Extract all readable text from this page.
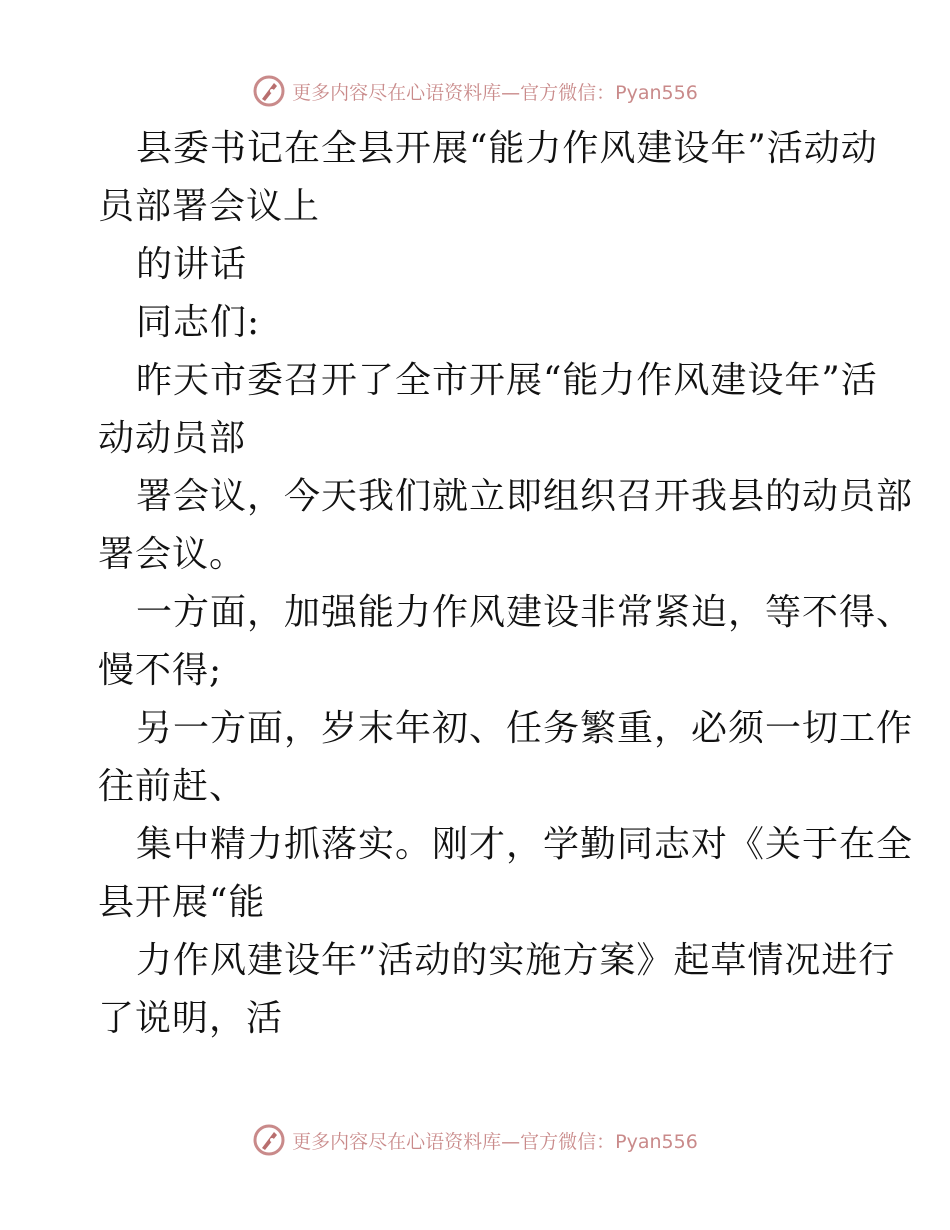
更多内容尽在心语资料库—官方微信：Pyan556
县委书记在全县开展“能力作风建设年”活动动
员部署会议上
的讲话
同志们:
昨天市委召开了全市开展“能力作风建设年”活
动动员部
署会议，今天我们就立即组织召开我县的动员部
署会议。
一方面，加强能力作风建设非常紧迫，等不得、
慢不得;
另一方面，岁末年初、任务繁重，必须一切工作
往前赶、
集中精力抓落实。刚才，学勤同志对《关于在全
县开展“能
力作风建设年”活动的实施方案》起草情况进行
了说明，活
更多内容尽在心语资料库—官方微信：Pyan556
